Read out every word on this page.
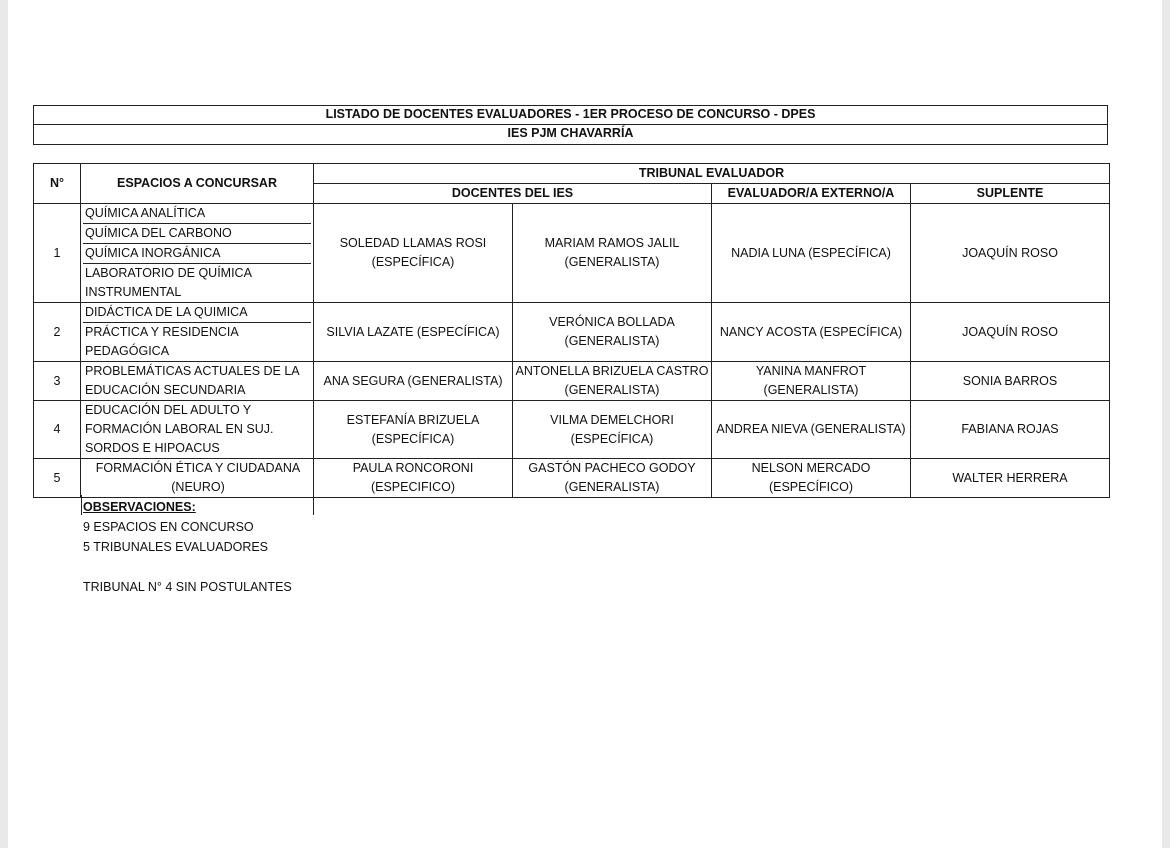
LISTADO DE DOCENTES EVALUADORES - 1ER PROCESO DE CONCURSO - DPES
IES PJM CHAVARRÍA
N°	ESPACIOS A CONCURSAR	TRIBUNAL EVALUADOR			
		DOCENTES DEL IES		EVALUADOR/A EXTERNO/A	SUPLENTE
1	QUÍMICA ANALÍTICA
QUÍMICA DEL CARBONO
QUÍMICA INORGÁNICA
LABORATORIO DE QUÍMICA INSTRUMENTAL	SOLEDAD LLAMAS ROSI (ESPECÍFICA)	MARIAM RAMOS JALIL (GENERALISTA)	NADIA LUNA (ESPECÍFICA)	JOAQUÍN ROSO
2	DIDÁCTICA DE LA QUIMICA
PRÁCTICA Y RESIDENCIA PEDAGÓGICA	SILVIA LAZATE (ESPECÍFICA)	VERÓNICA BOLLADA (GENERALISTA)	NANCY ACOSTA (ESPECÍFICA)	JOAQUÍN ROSO
3	PROBLEMÁTICAS ACTUALES DE LA EDUCACIÓN SECUNDARIA	ANA SEGURA (GENERALISTA)	ANTONELLA BRIZUELA CASTRO (GENERALISTA)	YANINA MANFROT (GENERALISTA)	SONIA BARROS
4	EDUCACIÓN DEL ADULTO Y FORMACIÓN LABORAL EN SUJ. SORDOS E HIPOACUS	ESTEFANÍA BRIZUELA (ESPECÍFICA)	VILMA DEMELCHORI (ESPECÍFICA)	ANDREA NIEVA (GENERALISTA)	FABIANA ROJAS
5	FORMACIÓN ÉTICA Y CIUDADANA (NEURO)	PAULA RONCORONI (ESPECIFICO)	GASTÓN PACHECO GODOY (GENERALISTA)	NELSON MERCADO (ESPECÍFICO)	WALTER HERRERA
OBSERVACIONES:
9 ESPACIOS EN CONCURSO
5 TRIBUNALES EVALUADORES
TRIBUNAL N° 4 SIN POSTULANTES
